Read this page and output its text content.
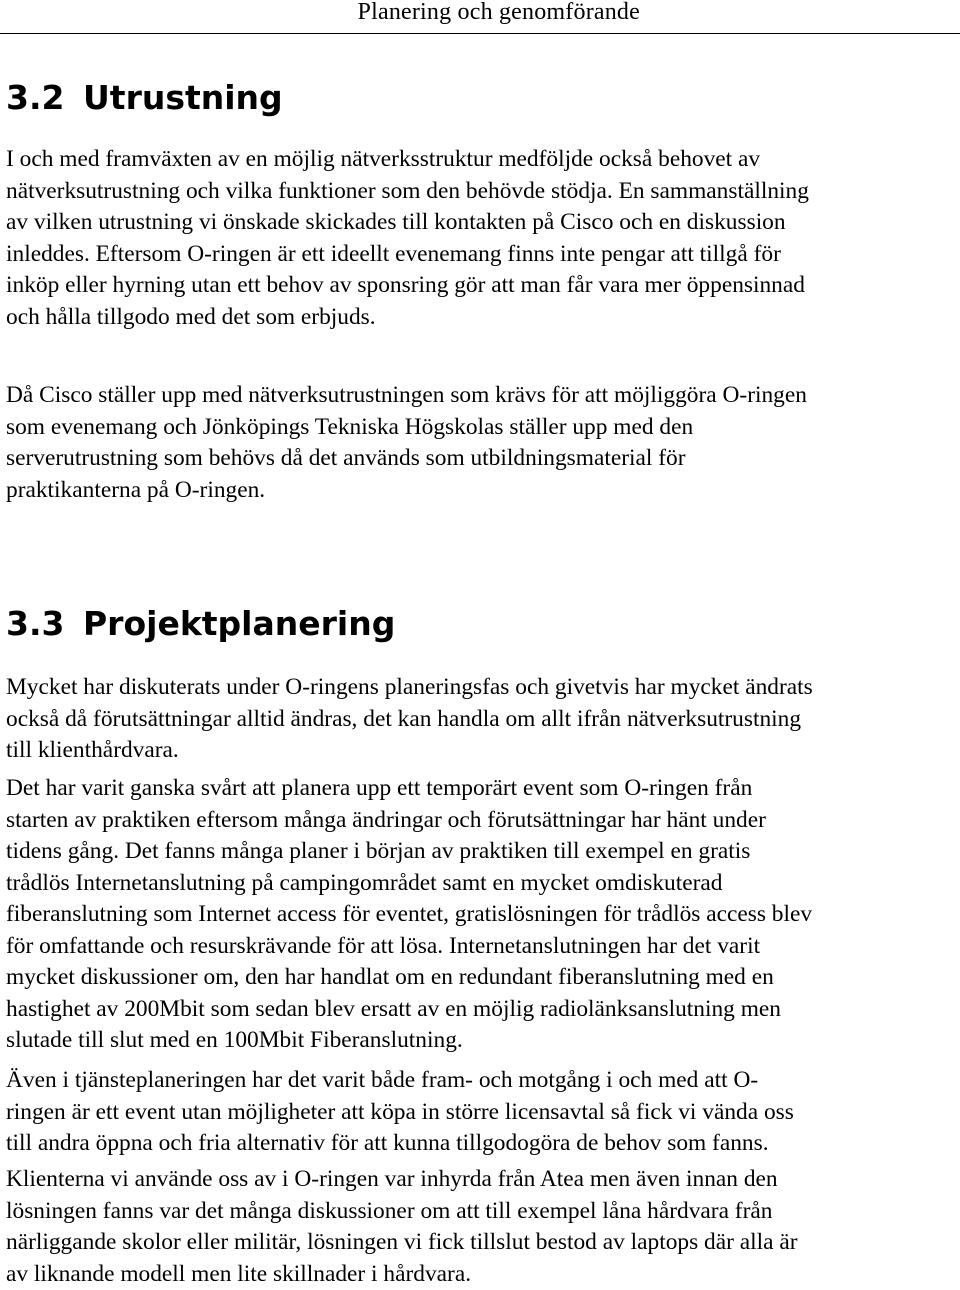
Planering och genomförande
3.2 Utrustning

I och med framväxten av en möjlig nätverksstruktur medföljde också behovet av
nätverksutrustning och vilka funktioner som den behövde stödja. En sammanställning
av vilken utrustning vi önskade skickades till kontakten på Cisco och en diskussion
inleddes. Eftersom O-ringen är ett ideellt evenemang finns inte pengar att tillgå för
inköp eller hyrning utan ett behov av sponsring gör att man får vara mer öppensinnad
och hålla tillgodo med det som erbjuds.

Då Cisco ställer upp med nätverksutrustningen som krävs för att möjliggöra O-ringen
som evenemang och Jönköpings Tekniska Högskolas ställer upp med den
serverutrustning som behövs då det används som utbildningsmaterial för
praktikanterna på O-ringen.

3.3 Projektplanering

Mycket har diskuterats under O-ringens planeringsfas och givetvis har mycket ändrats
också då förutsättningar alltid ändras, det kan handla om allt ifrån nätverksutrustning
till klienthårdvara.

Det har varit ganska svårt att planera upp ett temporärt event som O-ringen från
starten av praktiken eftersom många ändringar och förutsättningar har hänt under
tidens gång. Det fanns många planer i början av praktiken till exempel en gratis
trådlös Internetanslutning på campingområdet samt en mycket omdiskuterad
fiberanslutning som Internet access för eventet, gratislösningen för trådlös access blev
för omfattande och resurskrävande för att lösa. Internetanslutningen har det varit
mycket diskussioner om, den har handlat om en redundant fiberanslutning med en
hastighet av 200Mbit som sedan blev ersatt av en möjlig radiolänksanslutning men
slutade till slut med en 100Mbit Fiberanslutning.

Även i tjänsteplaneringen har det varit både fram- och motgång i och med att O-
ringen är ett event utan möjligheter att köpa in större licensavtal så fick vi vända oss
till andra öppna och fria alternativ för att kunna tillgodogöra de behov som fanns.

Klienterna vi använde oss av i O-ringen var inhyrda från Atea men även innan den
lösningen fanns var det många diskussioner om att till exempel låna hårdvara från
närliggande skolor eller militär, lösningen vi fick tillslut bestod av laptops där alla är
av liknande modell men lite skillnader i hårdvara.
